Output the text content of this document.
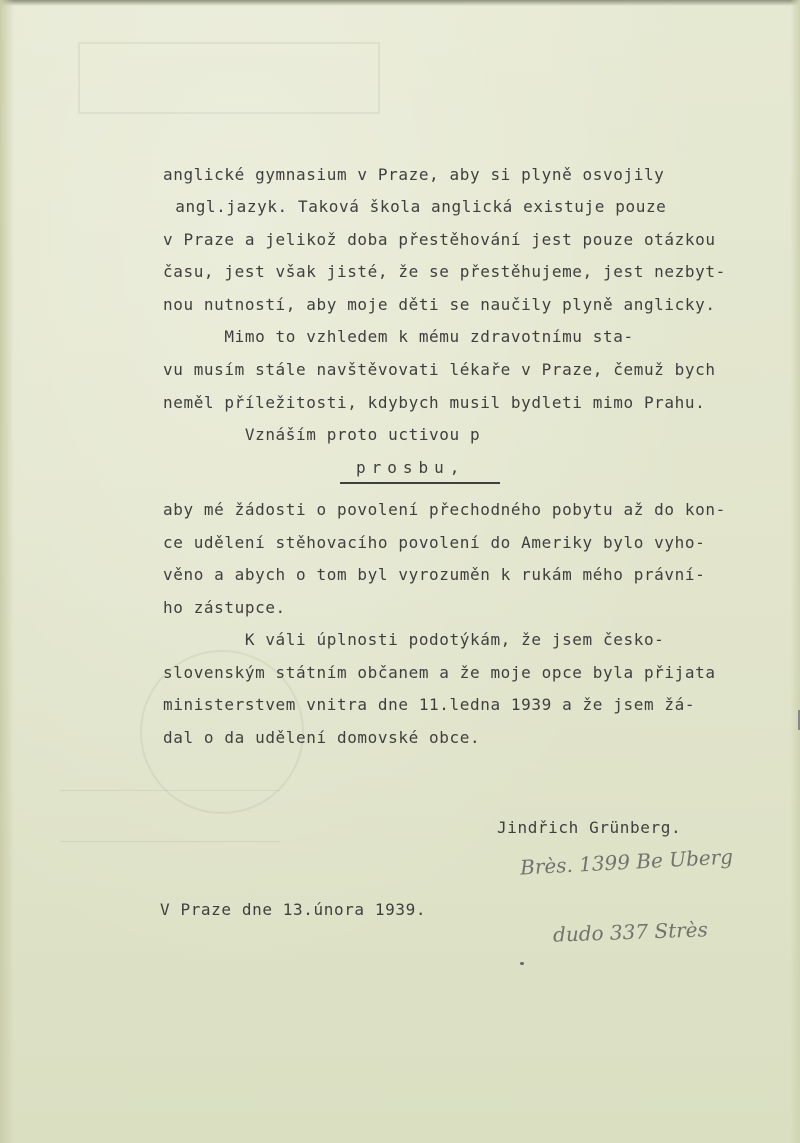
anglické gymnasium v Praze, aby si plyně osvojily
angl.jazyk. Taková škola anglická existuje pouze
v Praze a jelikož doba přestěhování jest pouze otázkou
času, jest však jisté, že se přestěhujeme, jest nezbyt-
nou nutností, aby moje děti se naučily plyně anglicky.
Mimo to vzhledem k mému zdravotnímu sta-
vu musím stále navštěvovati lékaře v Praze, čemuž bych
neměl příležitosti, kdybych musil bydleti mimo Prahu.
Vznáším proto uctivou p
prosbu,
aby mé žádosti o povolení přechodného pobytu až do kon-
ce udělení stěhovacího povolení do Ameriky bylo vyho-
věno a abych o tom byl vyrozuměn k rukám mého právní-
ho zástupce.
K váli úplnosti podotýkám, že jsem česko-
slovenským státním občanem a že moje opce byla přijata
ministerstvem vnitra dne 11.ledna 1939 a že jsem žá-
dal o da udělení domovské obce.
Jindřich Grünberg.
Brès. 1399 Be Uberg
V Praze dne 13.února 1939.
dudo 337 Strès
